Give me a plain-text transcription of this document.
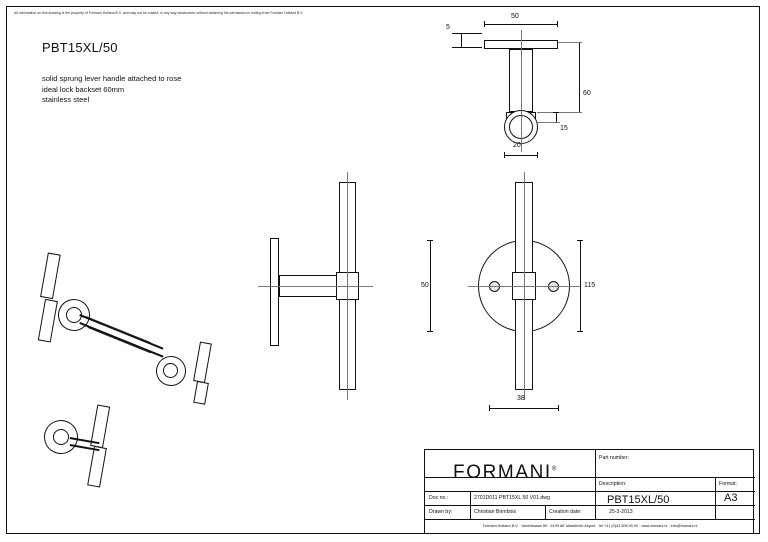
All information on this drawing is the property of Formani Holland B.V. and may not be copied, in any way whatsoever without obtaining the permission in writing from Formani Holland B.V.
PBT15XL/50
solid sprung lever handle attached to rose
ideal lock backset 60mm
stainless steel
50
5
60
15
20
50	115
38
FORMANI®
Part number:
Description:	Format:
Doc no.:	2701D011 PBT15XL 50 V01.dwg
Drawn by:	Christian Brimbois	Creation date:	25-3-2013
PBT15XL/50	A3
Formani Holland B.V. · Amerikaaan 55 · 6199 AE Maastricht Airport · tel +31 (0)43 308 90 00 · www.formani.nl · info@formani.nl
